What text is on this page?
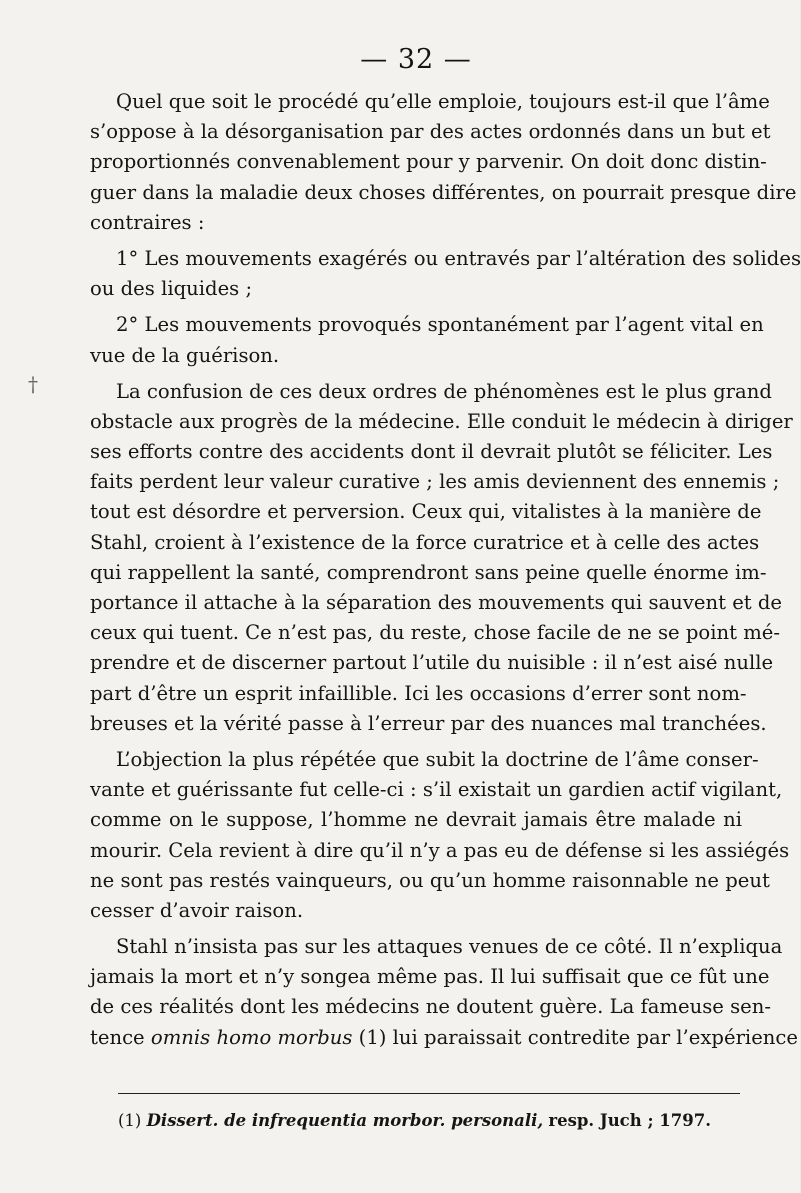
— 32 —
†
Quel que soit le procédé qu’elle emploie, toujours est-il que l’âme
s’oppose à la désorganisation par des actes ordonnés dans un but et
proportionnés convenablement pour y parvenir. On doit donc distin-
guer dans la maladie deux choses différentes, on pourrait presque dire
contraires :
1° Les mouvements exagérés ou entravés par l’altération des solides
ou des liquides ;
2° Les mouvements provoqués spontanément par l’agent vital en
vue de la guérison.
La confusion de ces deux ordres de phénomènes est le plus grand
obstacle aux progrès de la médecine. Elle conduit le médecin à diriger
ses efforts contre des accidents dont il devrait plutôt se féliciter. Les
faits perdent leur valeur curative ; les amis deviennent des ennemis ;
tout est désordre et perversion. Ceux qui, vitalistes à la manière de
Stahl, croient à l’existence de la force curatrice et à celle des actes
qui rappellent la santé, comprendront sans peine quelle énorme im-
portance il attache à la séparation des mouvements qui sauvent et de
ceux qui tuent. Ce n’est pas, du reste, chose facile de ne se point mé-
prendre et de discerner partout l’utile du nuisible : il n’est aisé nulle
part d’être un esprit infaillible. Ici les occasions d’errer sont nom-
breuses et la vérité passe à l’erreur par des nuances mal tranchées.
L’objection la plus répétée que subit la doctrine de l’âme conser-
vante et guérissante fut celle-ci : s’il existait un gardien actif vigilant,
comme on le suppose, l’homme ne devrait jamais être malade ni
mourir. Cela revient à dire qu’il n’y a pas eu de défense si les assiégés
ne sont pas restés vainqueurs, ou qu’un homme raisonnable ne peut
cesser d’avoir raison.
Stahl n’insista pas sur les attaques venues de ce côté. Il n’expliqua
jamais la mort et n’y songea même pas. Il lui suffisait que ce fût une
de ces réalités dont les médecins ne doutent guère. La fameuse sen-
tence omnis homo morbus (1) lui paraissait contredite par l’expérience
(1) Dissert. de infrequentia morbor. personali, resp. Juch ; 1797.
